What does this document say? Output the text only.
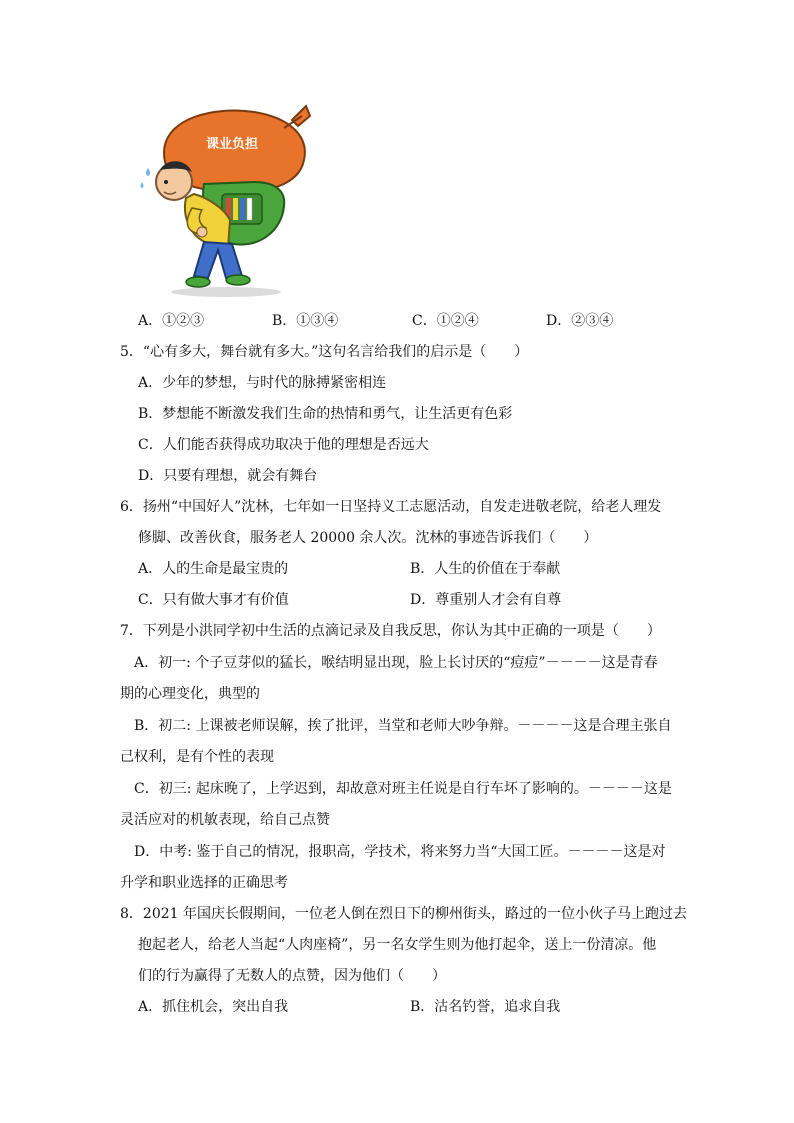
课业负担
A．①②③	B．①③④	C．①②④	D．②③④
5．“心有多大，舞台就有多大。”这句名言给我们的启示是（　　）
A．少年的梦想，与时代的脉搏紧密相连
B．梦想能不断激发我们生命的热情和勇气，让生活更有色彩
C．人们能否获得成功取决于他的理想是否远大
D．只要有理想，就会有舞台
6．扬州“中国好人”沈林，七年如一日坚持义工志愿活动，自发走进敬老院，给老人理发
修脚、改善伙食，服务老人 20000 余人次。沈林的事迹告诉我们（　　）
A．人的生命是最宝贵的	B．人生的价值在于奉献
C．只有做大事才有价值	D．尊重别人才会有自尊
7．下列是小洪同学初中生活的点滴记录及自我反思，你认为其中正确的一项是（　　）
A．初一: 个子豆芽似的猛长，喉结明显出现，脸上长讨厌的“痘痘”－－－－这是青春
期的心理变化，典型的
B．初二: 上课被老师误解，挨了批评，当堂和老师大吵争辩。－－－－这是合理主张自
己权利，是有个性的表现
C．初三: 起床晚了，上学迟到，却故意对班主任说是自行车坏了影响的。－－－－这是
灵活应对的机敏表现，给自己点赞
D．中考: 鉴于自己的情况，报职高，学技术，将来努力当“大国工匠。－－－－这是对
升学和职业选择的正确思考
8．2021 年国庆长假期间，一位老人倒在烈日下的柳州街头，路过的一位小伙子马上跑过去
抱起老人，给老人当起“人肉座椅”，另一名女学生则为他打起伞，送上一份清凉。他
们的行为赢得了无数人的点赞，因为他们（　　）
A．抓住机会，突出自我	B．沽名钓誉，追求自我
